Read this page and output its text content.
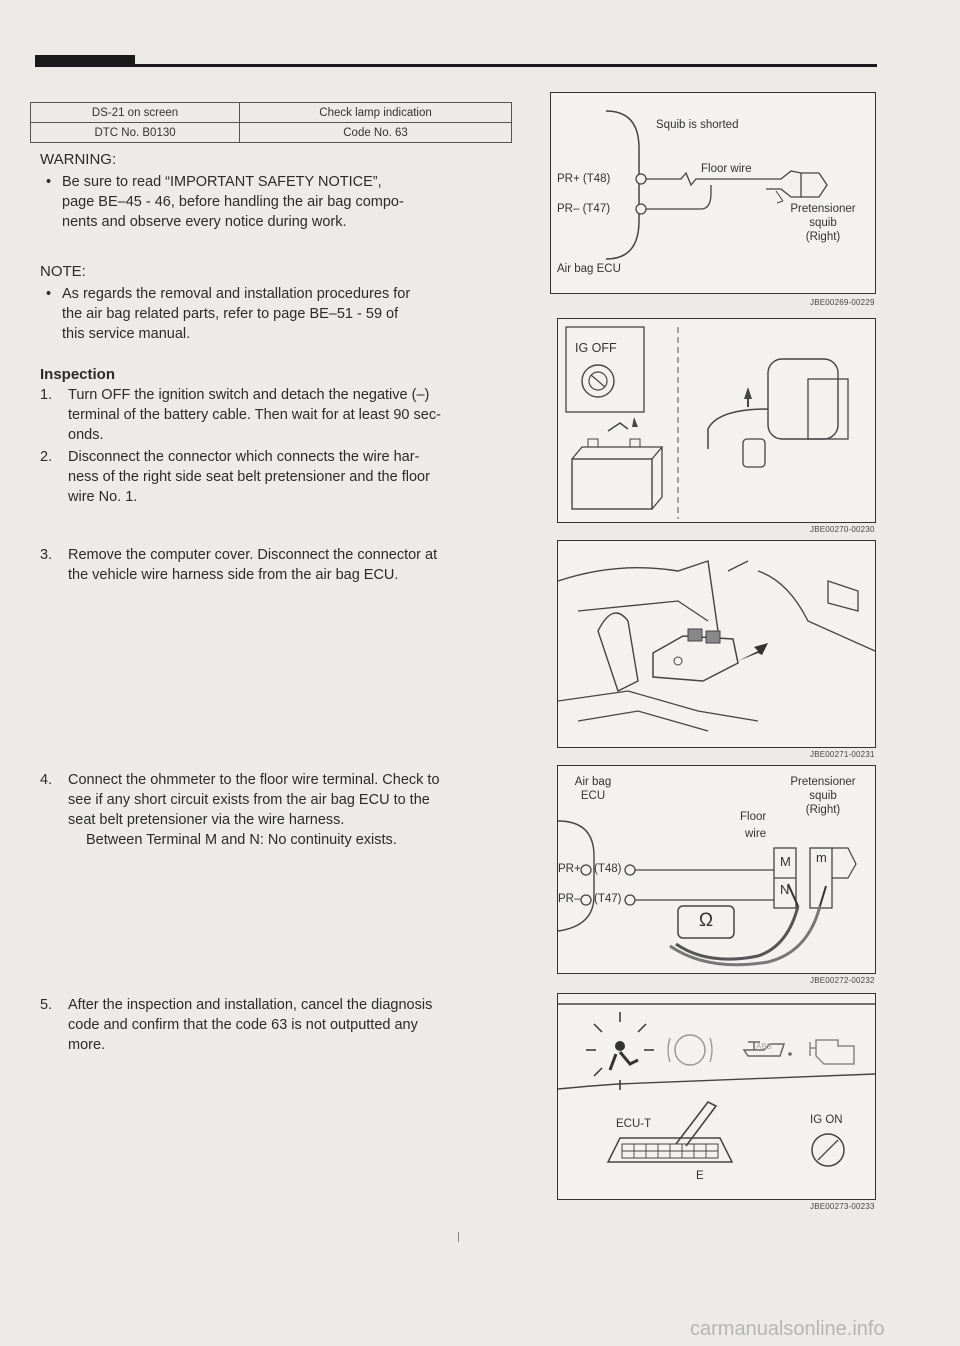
DS-21 on screen	Check lamp indication
DTC No. B0130	Code No. 63
WARNING:
• Be sure to read “IMPORTANT SAFETY NOTICE”,
page BE–45 - 46, before handling the air bag compo-
nents and observe every notice during work.
NOTE:
• As regards the removal and installation procedures for
the air bag related parts, refer to page BE–51 - 59 of
this service manual.
Inspection
1. Turn OFF the ignition switch and detach the negative (–)
terminal of the battery cable. Then wait for at least 90 sec-
onds.
2. Disconnect the connector which connects the wire har-
ness of the right side seat belt pretensioner and the floor
wire No. 1.
3. Remove the computer cover. Disconnect the connector at
the vehicle wire harness side from the air bag ECU.
4. Connect the ohmmeter to the floor wire terminal. Check to
see if any short circuit exists from the air bag ECU to the
seat belt pretensioner via the wire harness.
Between Terminal M and N: No continuity exists.
5. After the inspection and installation, cancel the diagnosis
code and confirm that the code 63 is not outputted any
more.
Squib is shorted
PR+ (T48)
PR– (T47)
Floor wire
Pretensioner
squib
(Right)
Air bag ECU
JBE00269-00229
IG OFF
JBE00270-00230
JBE00271-00231
Air bag
ECU
Pretensioner
squib
(Right)
Floor
wire
PR+
PR–
(T48)
(T47)
M
N
m
Ω
JBE00272-00232
ABS
ECU-T
E
IG ON
JBE00273-00233
carmanualsonline.info
